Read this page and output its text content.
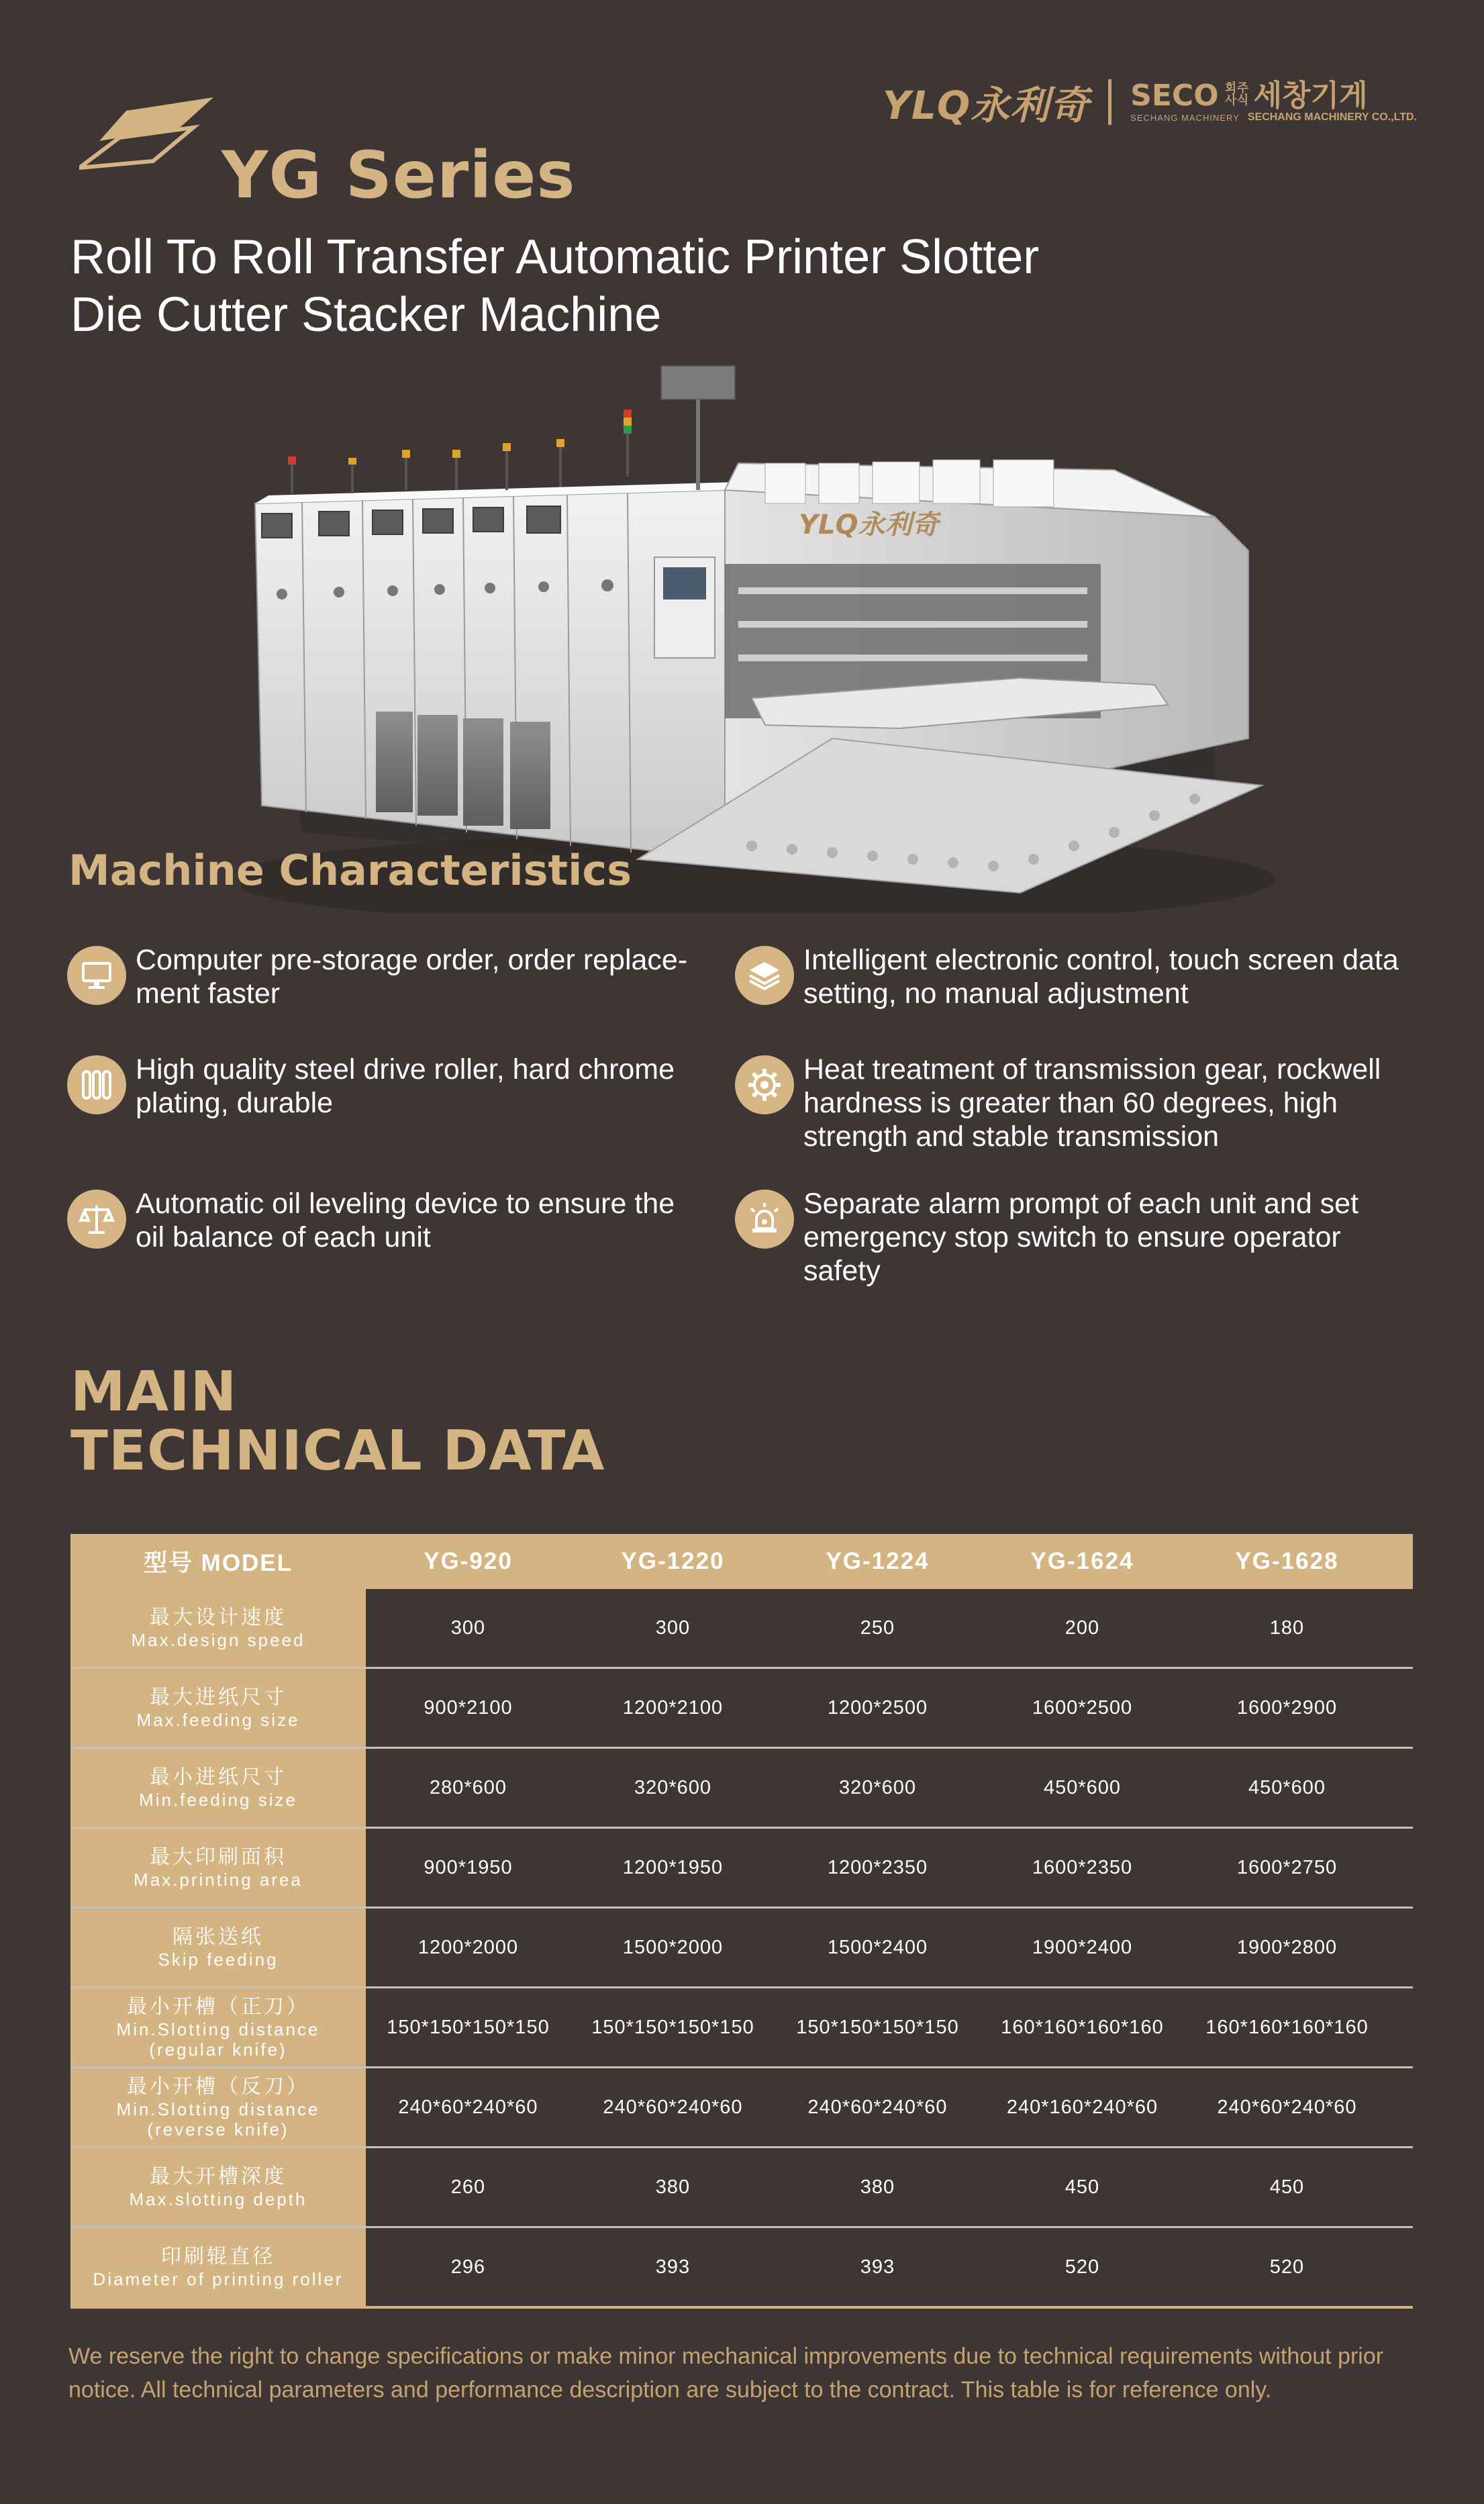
YG Series
YLQ永利奇 SECO	주식회사 세창기게
SECHANG MACHINERY SECHANG MACHINERY CO.,LTD.
Roll To Roll Transfer Automatic Printer Slotter
Die Cutter Stacker Machine
YLQ永利奇
Machine Characteristics
Computer pre-storage order, order replace-
ment faster
Intelligent electronic control, touch screen data
setting, no manual adjustment
High quality steel drive roller, hard chrome
plating, durable
Heat treatment of transmission gear, rockwell
hardness is greater than 60 degrees, high
strength and stable transmission
Automatic oil leveling device to ensure the
oil balance of each unit
Separate alarm prompt of each unit and set
emergency stop switch to ensure operator
safety
MAIN
TECHNICAL DATA
型号 MODEL	YG-920	YG-1220	YG-1224	YG-1624	YG-1628
最大设计速度
Max.design speed
300	300	250	200	180
最大进纸尺寸
Max.feeding size
900*2100	1200*2100	1200*2500	1600*2500	1600*2900
最小进纸尺寸
Min.feeding size
280*600	320*600	320*600	450*600	450*600
最大印刷面积
Max.printing area
900*1950	1200*1950	1200*2350	1600*2350	1600*2750
隔张送纸
Skip feeding
1200*2000	1500*2000	1500*2400	1900*2400	1900*2800
最小开槽（正刀）
Min.Slotting distance
(regular knife)
150*150*150*150	150*150*150*150	150*150*150*150	160*160*160*160	160*160*160*160
最小开槽（反刀）
Min.Slotting distance
(reverse knife)
240*60*240*60	240*60*240*60	240*60*240*60	240*160*240*60	240*60*240*60
最大开槽深度
Max.slotting depth
260	380	380	450	450
印刷辊直径
Diameter of printing roller
296	393	393	520	520
We reserve the right to change specifications or make minor mechanical improvements due to technical requirements without prior notice. All technical parameters and performance description are subject to the contract. This table is for reference only.
